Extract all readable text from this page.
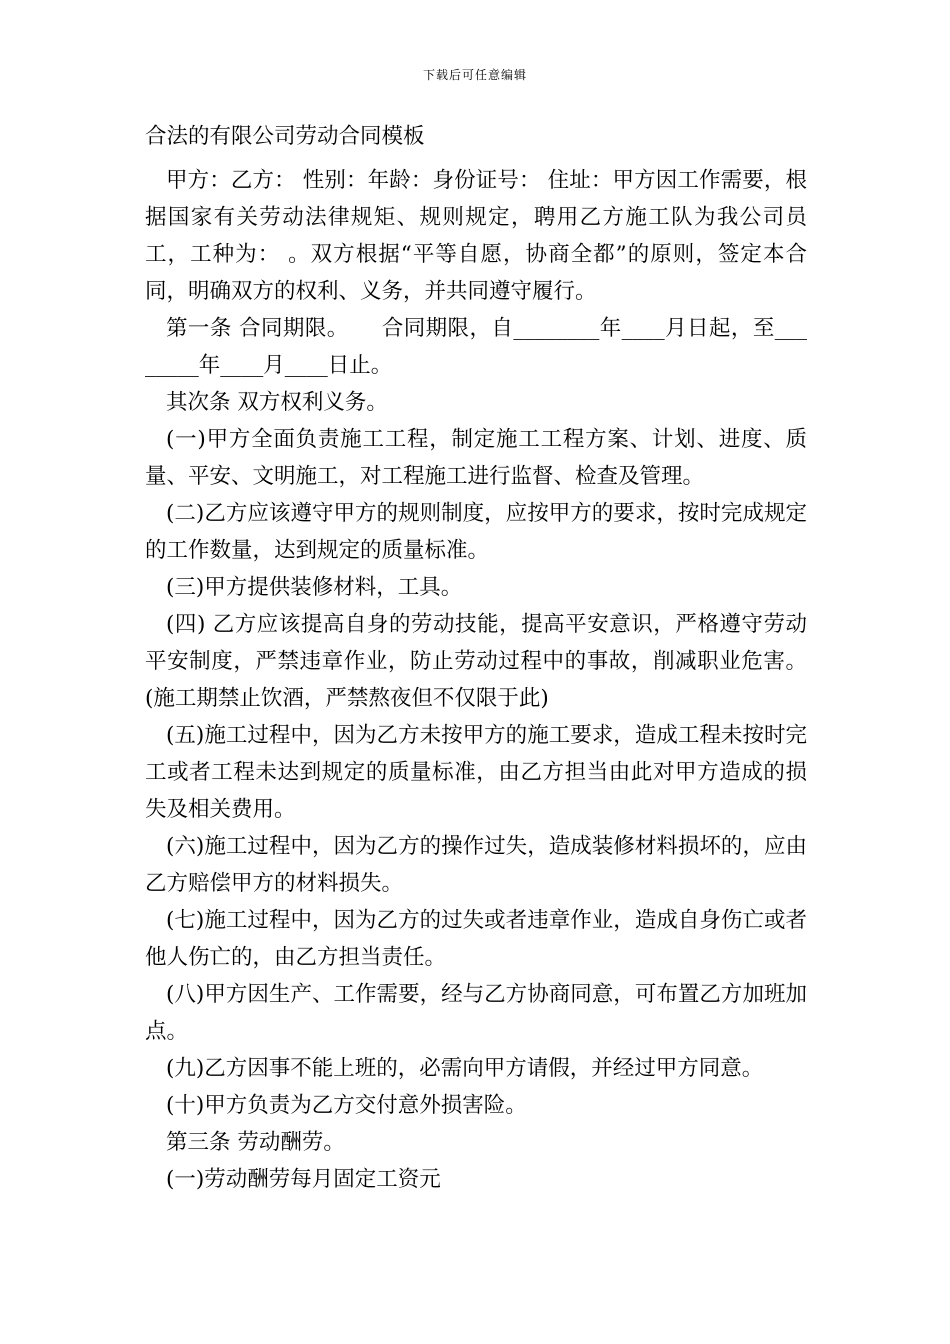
下载后可任意编辑
合法的有限公司劳动合同模板

甲方：乙方： 性别：年龄：身份证号： 住址：甲方因工作需要，根据国家有关劳动法律规矩、规则规定，聘用乙方施工队为我公司员工，工种为： 。双方根据“平等自愿，协商全都”的原则，签定本合同，明确双方的权利、义务，并共同遵守履行。

第一条 合同期限。　　合同期限，自________年____月日起，至________年____月____日止。

其次条 双方权利义务。

(一)甲方全面负责施工工程，制定施工工程方案、计划、进度、质量、平安、文明施工，对工程施工进行监督、检查及管理。

(二)乙方应该遵守甲方的规则制度，应按甲方的要求，按时完成规定的工作数量，达到规定的质量标准。

(三)甲方提供装修材料，工具。

(四) 乙方应该提高自身的劳动技能，提高平安意识，严格遵守劳动平安制度，严禁违章作业，防止劳动过程中的事故，削减职业危害。(施工期禁止饮酒，严禁熬夜但不仅限于此)

(五)施工过程中，因为乙方未按甲方的施工要求，造成工程未按时完工或者工程未达到规定的质量标准，由乙方担当由此对甲方造成的损失及相关费用。

(六)施工过程中，因为乙方的操作过失，造成装修材料损坏的，应由乙方赔偿甲方的材料损失。

(七)施工过程中，因为乙方的过失或者违章作业，造成自身伤亡或者他人伤亡的，由乙方担当责任。

(八)甲方因生产、工作需要，经与乙方协商同意，可布置乙方加班加点。

(九)乙方因事不能上班的，必需向甲方请假，并经过甲方同意。

(十)甲方负责为乙方交付意外损害险。

第三条 劳动酬劳。

(一)劳动酬劳每月固定工资元
